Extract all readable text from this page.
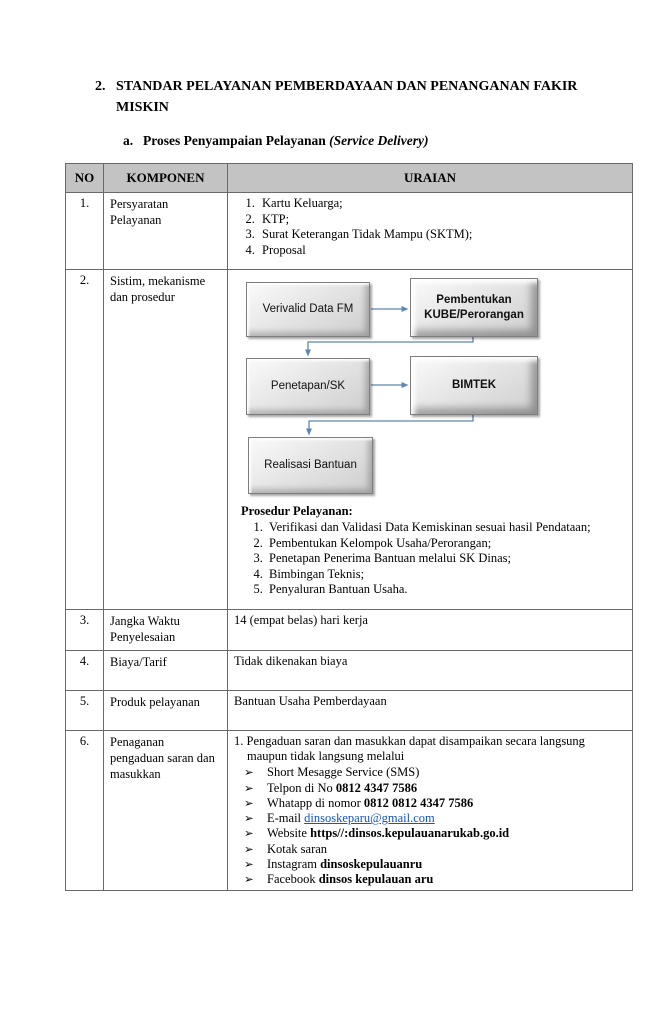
2. STANDAR PELAYANAN PEMBERDAYAAN DAN PENANGANAN FAKIR MISKIN
a. Proses Penyampaian Pelayanan (Service Delivery)
NO	KOMPONEN	URAIAN
1.	Persyaratan Pelayanan	
1. Kartu Keluarga;
2. KTP;
3. Surat Keterangan Tidak Mampu (SKTM);
4. Proposal

2.	Sistim, mekanisme dan prosedur	
Verivalid Data FM
Pembentukan KUBE/Perorangan
Penetapan/SK	BIMTEK
Realisasi Bantuan
Prosedur Pelayanan:
1. Verifikasi dan Validasi Data Kemiskinan sesuai hasil Pendataan;
2. Pembentukan Kelompok Usaha/Perorangan;
3. Penetapan Penerima Bantuan melalui SK Dinas;
4. Bimbingan Teknis;
5. Penyaluran Bantuan Usaha.

3.	Jangka Waktu Penyelesaian	14 (empat belas) hari kerja
4.	Biaya/Tarif	Tidak dikenakan biaya
5.	Produk pelayanan	Bantuan Usaha Pemberdayaan
6.	Penaganan pengaduan saran dan masukkan	
1. Pengaduan saran dan masukkan dapat disampaikan secara langsung maupun tidak langsung melalui
➢	Short Mesagge Service (SMS)
➢	Telpon di No 0812 4347 7586
➢	Whatapp di nomor 0812 0812 4347 7586
➢	E-mail dinsoskeparu@gmail.com
➢	Website https//:dinsos.kepulauanarukab.go.id
➢	Kotak saran
➢	Instagram dinsoskepulauanru
➢	Facebook dinsos kepulauan aru
